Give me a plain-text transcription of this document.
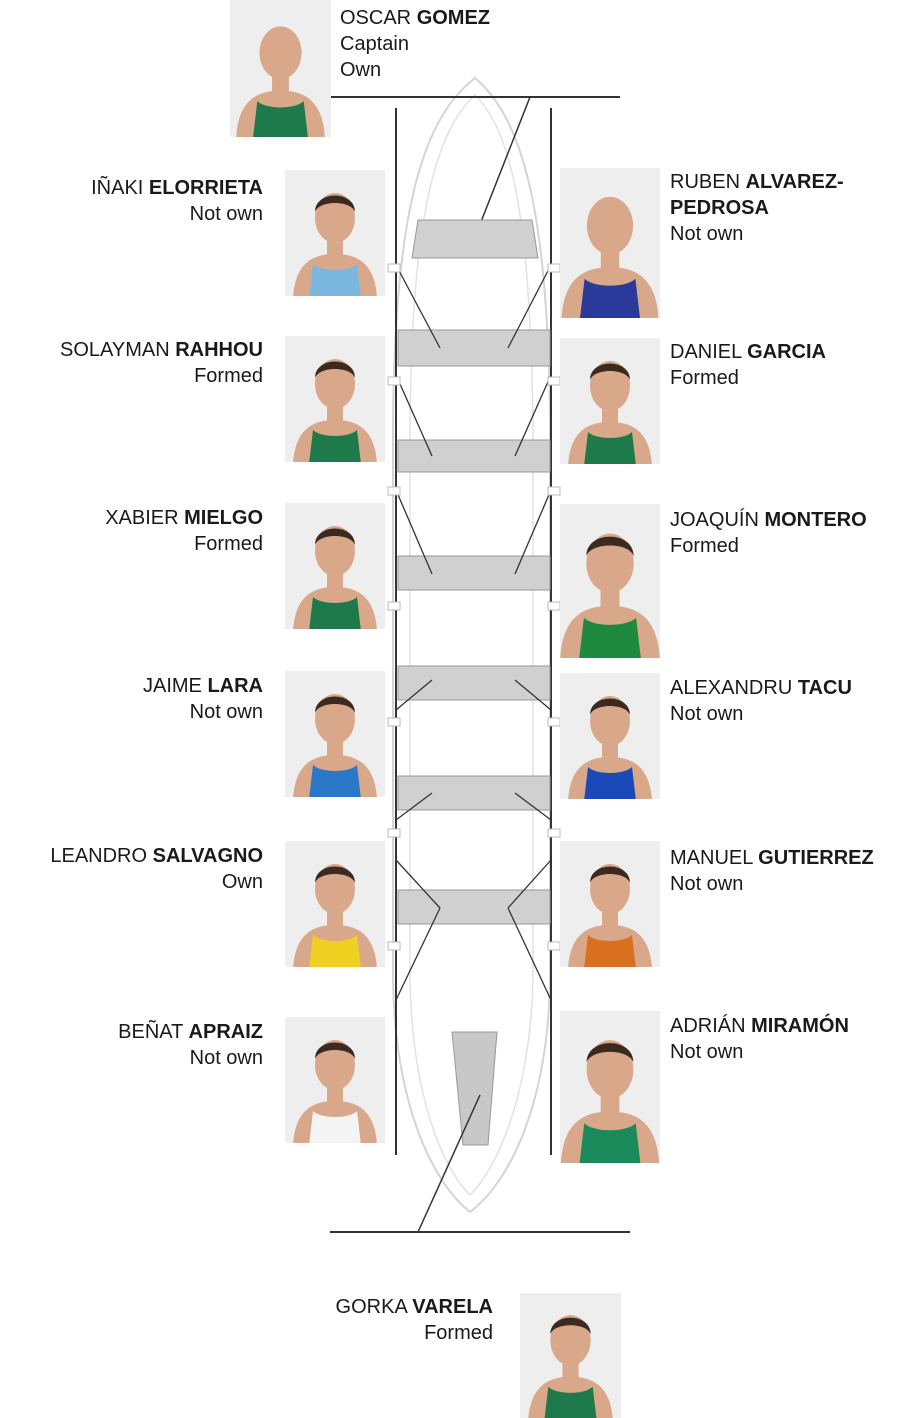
OSCAR GOMEZ
Captain
Own
IÑAKI ELORRIETA
Not own
SOLAYMAN RAHHOU
Formed
XABIER MIELGO
Formed
JAIME LARA
Not own
LEANDRO SALVAGNO
Own
BEÑAT APRAIZ
Not own
RUBEN ALVAREZ-
PEDROSA
Not own
DANIEL GARCIA
Formed
JOAQUÍN MONTERO
Formed
ALEXANDRU TACU
Not own
MANUEL GUTIERREZ
Not own
ADRIÁN MIRAMÓN
Not own
GORKA VARELA
Formed
